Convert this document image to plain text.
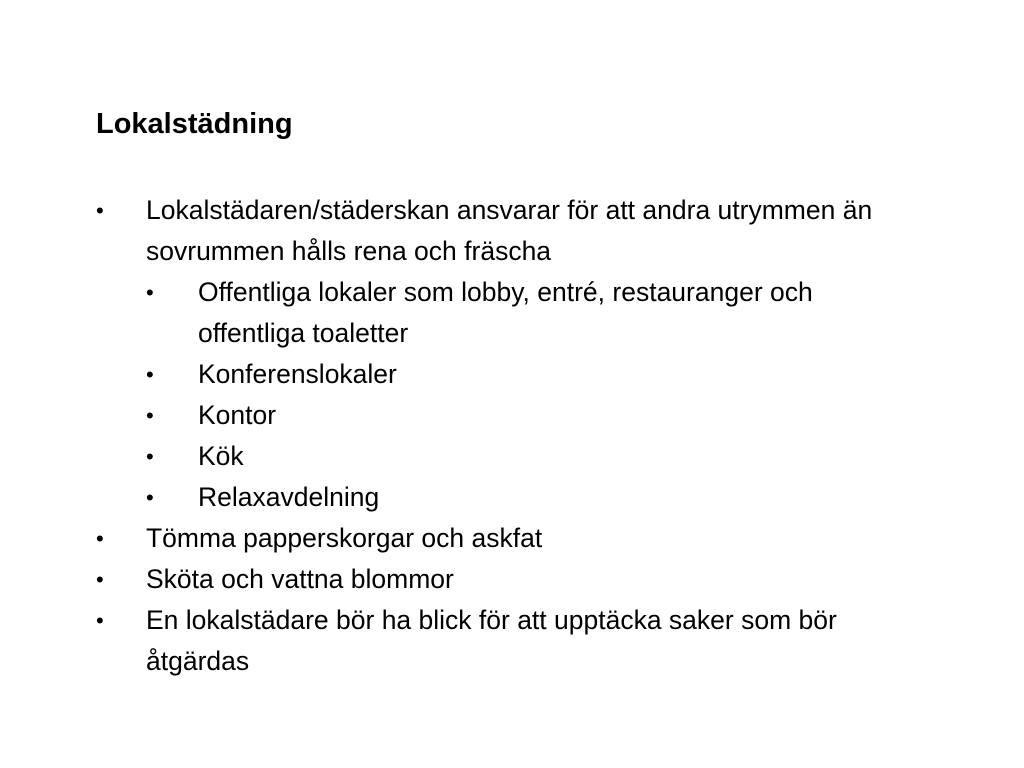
Lokalstädning
•	Lokalstädaren/städerskan ansvarar för att andra utrymmen än sovrummen hålls rena och fräscha
•	Offentliga lokaler som lobby, entré, restauranger och offentliga toaletter
•	Konferenslokaler
•	Kontor
•	Kök
•	Relaxavdelning
•	Tömma papperskorgar och askfat
•	Sköta och vattna blommor
•	En lokalstädare bör ha blick för att upptäcka saker som bör åtgärdas
